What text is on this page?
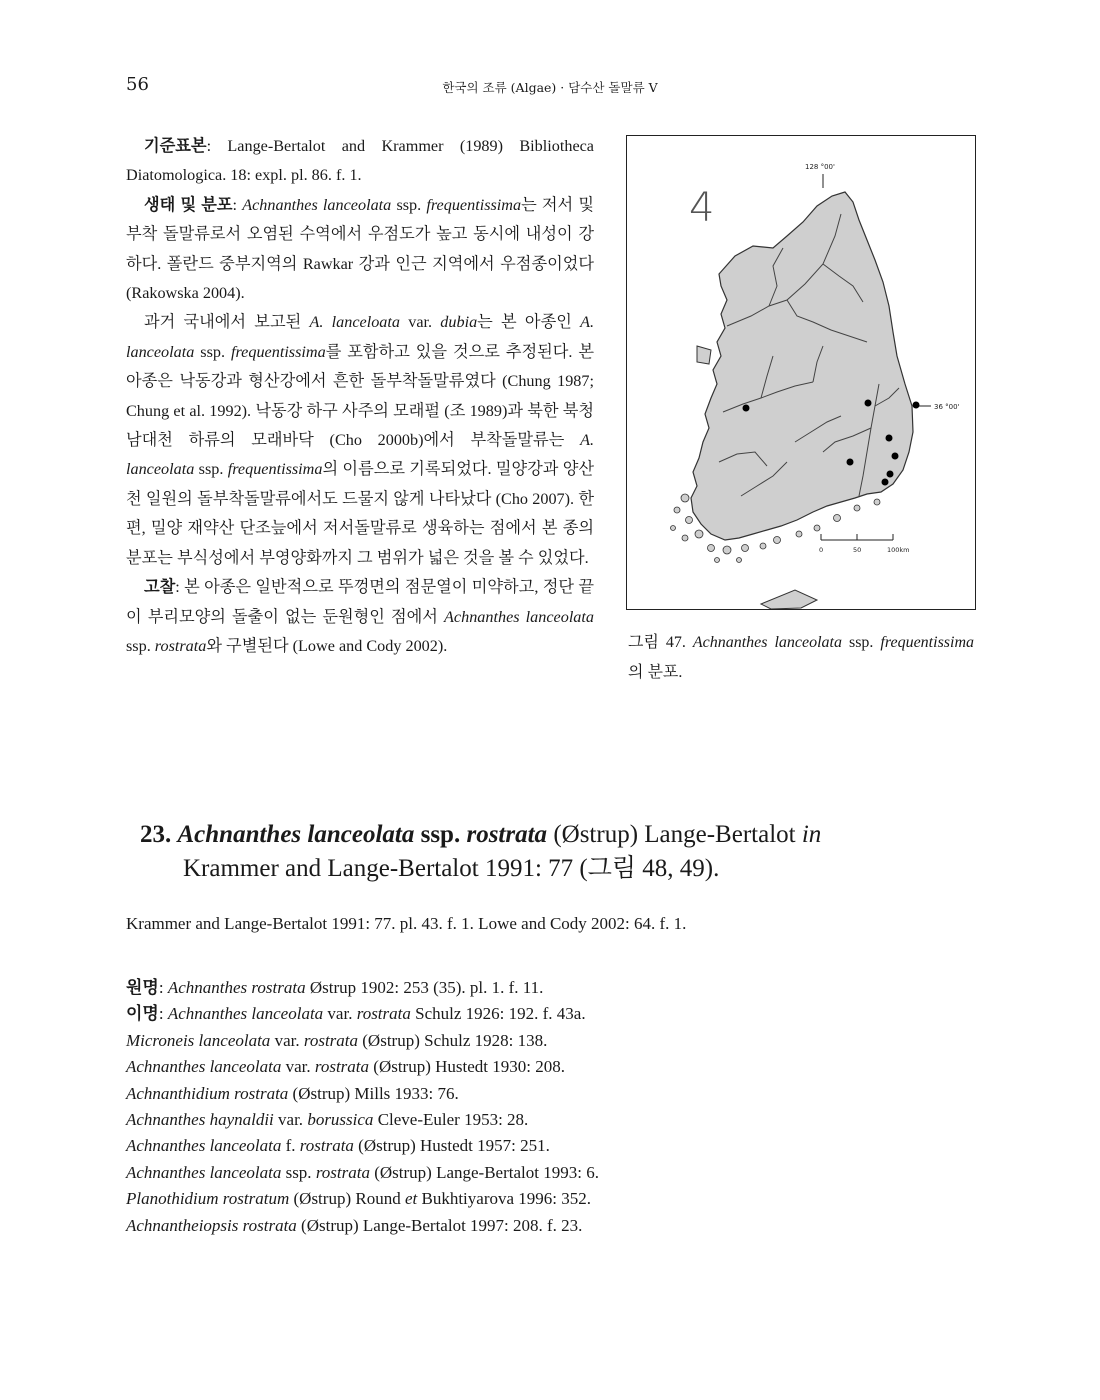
56	한국의 조류 (Algae) · 담수산 돌말류 V

기준표본: Lange-Bertalot and Krammer (1989) Bibliotheca Diatomologica. 18: expl. pl. 86. f. 1.

생태 및 분포: Achnanthes lanceolata ssp. frequentissima는 저서 및 부착 돌말류로서 오염된 수역에서 우점도가 높고 동시에 내성이 강하다. 폴란드 중부지역의 Rawkar 강과 인근 지역에서 우점종이었다 (Rakowska 2004).

과거 국내에서 보고된 A. lanceloata var. dubia는 본 아종인 A. lanceolata ssp. frequentissima를 포함하고 있을 것으로 추정된다. 본 아종은 낙동강과 형산강에서 흔한 돌부착돌말류였다 (Chung 1987; Chung et al. 1992). 낙동강 하구 사주의 모래펄 (조 1989)과 북한 북청남대천 하류의 모래바닥 (Cho 2000b)에서 부착돌말류는 A. lanceolata ssp. frequentissima의 이름으로 기록되었다. 밀양강과 양산천 일원의 돌부착돌말류에서도 드물지 않게 나타났다 (Cho 2007). 한편, 밀양 재약산 단조늪에서 저서돌말류로 생육하는 점에서 본 종의 분포는 부식성에서 부영양화까지 그 범위가 넓은 것을 볼 수 있었다.

고찰: 본 아종은 일반적으로 뚜껑면의 점문열이 미약하고, 정단 끝이 부리모양의 돌출이 없는 둔원형인 점에서 Achnanthes lanceolata ssp. rostrata와 구별된다 (Lowe and Cody 2002).

4
128 °00'
36 °00'
0	50	100km
그림 47. Achnanthes lanceolata ssp. frequentissima의 분포.
23. Achnanthes lanceolata ssp. rostrata (Østrup) Lange-Bertalot in
Krammer and Lange-Bertalot 1991: 77 (그림 48, 49).
Krammer and Lange-Bertalot 1991: 77. pl. 43. f. 1. Lowe and Cody 2002: 64. f. 1.
원명: Achnanthes rostrata Østrup 1902: 253 (35). pl. 1. f. 11.
이명: Achnanthes lanceolata var. rostrata Schulz 1926: 192. f. 43a.
Microneis lanceolata var. rostrata (Østrup) Schulz 1928: 138.
Achnanthes lanceolata var. rostrata (Østrup) Hustedt 1930: 208.
Achnanthidium rostrata (Østrup) Mills 1933: 76.
Achnanthes haynaldii var. borussica Cleve-Euler 1953: 28.
Achnanthes lanceolata f. rostrata (Østrup) Hustedt 1957: 251.
Achnanthes lanceolata ssp. rostrata (Østrup) Lange-Bertalot 1993: 6.
Planothidium rostratum (Østrup) Round et Bukhtiyarova 1996: 352.
Achnantheiopsis rostrata (Østrup) Lange-Bertalot 1997: 208. f. 23.
